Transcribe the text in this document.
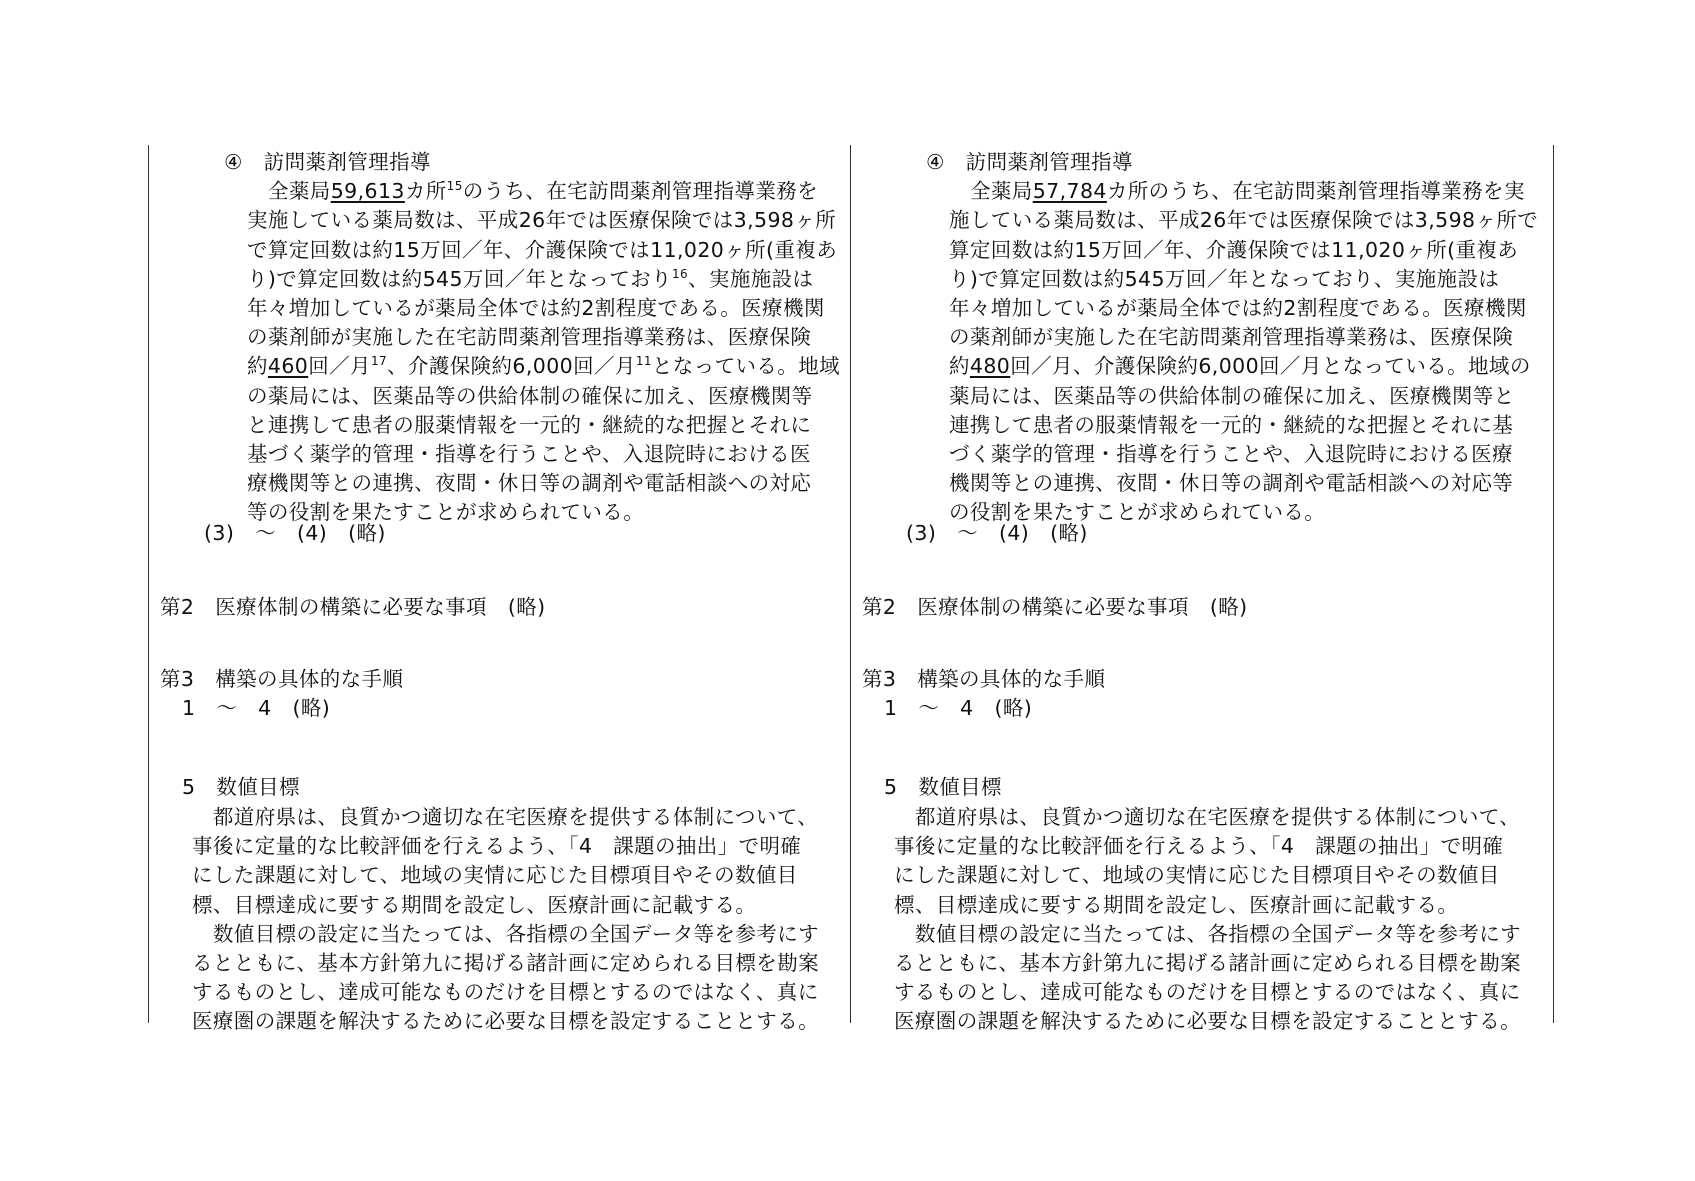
④　訪問薬剤管理指導
全薬局59,613カ所$^{15}$のうち、在宅訪問薬剤管理指導業務を
実施している薬局数は、平成26年では医療保険では3,598ヶ所
で算定回数は約15万回／年、介護保険では11,020ヶ所(重複あ
り)で算定回数は約545万回／年となっており$^{16}$、実施施設は
年々増加しているが薬局全体では約2割程度である。医療機関
の薬剤師が実施した在宅訪問薬剤管理指導業務は、医療保険
約460回／月$^{17}$、介護保険約6,000回／月$^{11}$となっている。地域
の薬局には、医薬品等の供給体制の確保に加え、医療機関等
と連携して患者の服薬情報を一元的・継続的な把握とそれに
基づく薬学的管理・指導を行うことや、入退院時における医
療機関等との連携、夜間・休日等の調剤や電話相談への対応
等の役割を果たすことが求められている。
(3)　～　(4)　(略)
第2　医療体制の構築に必要な事項　(略)
第3　構築の具体的な手順
1　～　4　(略)
5　数値目標
　都道府県は、良質かつ適切な在宅医療を提供する体制について、
事後に定量的な比較評価を行えるよう、「4　課題の抽出」で明確
にした課題に対して、地域の実情に応じた目標項目やその数値目
標、目標達成に要する期間を設定し、医療計画に記載する。
　数値目標の設定に当たっては、各指標の全国データ等を参考にす
るとともに、基本方針第九に掲げる諸計画に定められる目標を勘案
するものとし、達成可能なものだけを目標とするのではなく、真に
医療圏の課題を解決するために必要な目標を設定することとする。
④　訪問薬剤管理指導
全薬局57,784カ所のうち、在宅訪問薬剤管理指導業務を実
施している薬局数は、平成26年では医療保険では3,598ヶ所で
算定回数は約15万回／年、介護保険では11,020ヶ所(重複あ
り)で算定回数は約545万回／年となっており、実施施設は
年々増加しているが薬局全体では約2割程度である。医療機関
の薬剤師が実施した在宅訪問薬剤管理指導業務は、医療保険
約480回／月、介護保険約6,000回／月となっている。地域の
薬局には、医薬品等の供給体制の確保に加え、医療機関等と
連携して患者の服薬情報を一元的・継続的な把握とそれに基
づく薬学的管理・指導を行うことや、入退院時における医療
機関等との連携、夜間・休日等の調剤や電話相談への対応等
の役割を果たすことが求められている。
(3)　～　(4)　(略)
第2　医療体制の構築に必要な事項　(略)
第3　構築の具体的な手順
1　～　4　(略)
5　数値目標
　都道府県は、良質かつ適切な在宅医療を提供する体制について、
事後に定量的な比較評価を行えるよう、「4　課題の抽出」で明確
にした課題に対して、地域の実情に応じた目標項目やその数値目
標、目標達成に要する期間を設定し、医療計画に記載する。
　数値目標の設定に当たっては、各指標の全国データ等を参考にす
るとともに、基本方針第九に掲げる諸計画に定められる目標を勘案
するものとし、達成可能なものだけを目標とするのではなく、真に
医療圏の課題を解決するために必要な目標を設定することとする。
